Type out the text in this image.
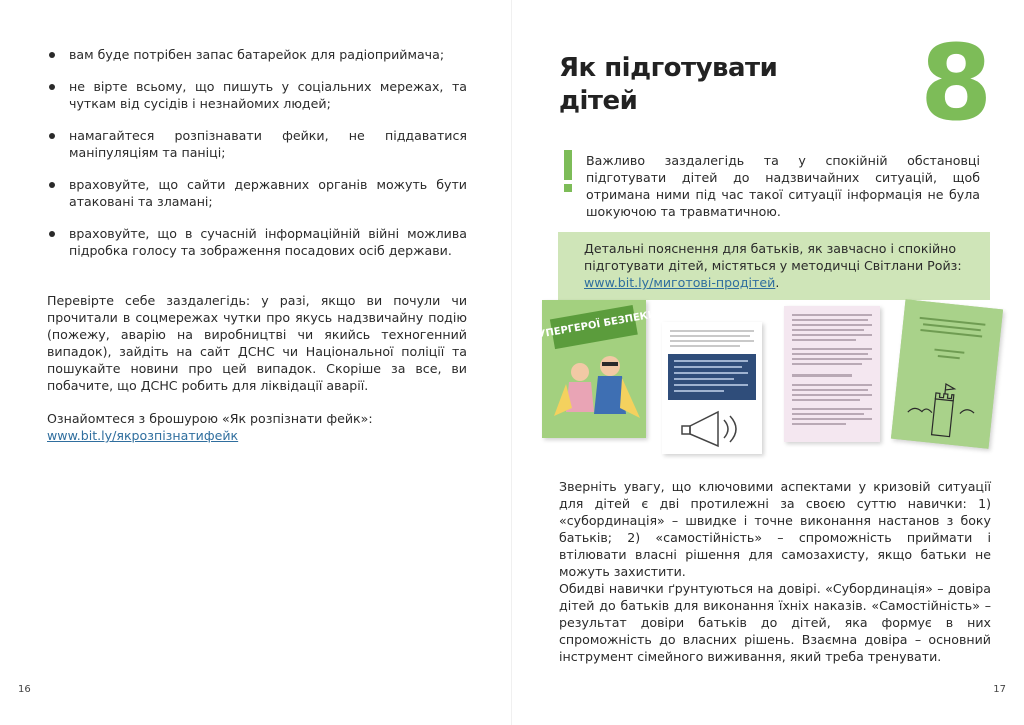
вам буде потрібен запас батарейок для радіоприймача;
не вірте всьому, що пишуть у соціальних мережах, та чуткам від сусідів і незнайомих людей;
намагайтеся розпізнавати фейки, не піддаватися маніпуляціям та паніці;
враховуйте, що сайти державних органів можуть бути атаковані та зламані;
враховуйте, що в сучасній інформаційній війні можлива підробка голосу та зображення посадових осіб держави.

Перевірте себе заздалегідь: у разі, якщо ви почули чи прочитали в соцмережах чутки про якусь надзвичайну подію (пожежу, аварію на виробництві чи якийсь техногенний випадок), зайдіть на сайт ДСНС чи Національної поліції та пошукайте новини про цей випадок. Скоріше за все, ви побачите, що ДСНС робить для ліквідації аварії.

Ознайомтеся з брошурою «Як розпізнати фейк»:
www.bit.ly/якрозпізнатифейк

16
Як підготувати
дітей	8
Важливо заздалегідь та у спокійній обстановці підготувати дітей до надзвичайних ситуацій, щоб отримана ними під час такої ситуації інформація не була шокуючою та травматичною.
Детальні пояснення для батьків, як завчасно і спокійно підготувати дітей, містяться у методичці Світлани Ройз: www.bit.ly/миготові-продітей.
СУПЕРГЕРОЇ БЕЗПЕКИ

Зверніть увагу, що ключовими аспектами у кризовій ситуації для дітей є дві протилежні за своєю суттю навички: 1) «субординація» – швидке і точне виконання настанов з боку батьків; 2) «самостійність» – спроможність приймати і втілювати власні рішення для самозахисту, якщо батьки не можуть захистити.

Обидві навички ґрунтуються на довірі. «Субординація» – довіра дітей до батьків для виконання їхніх наказів. «Самостійність» – результат довіри батьків до дітей, яка формує в них спроможність до власних рішень. Взаємна довіра – основний інструмент сімейного виживання, який треба тренувати.

17
